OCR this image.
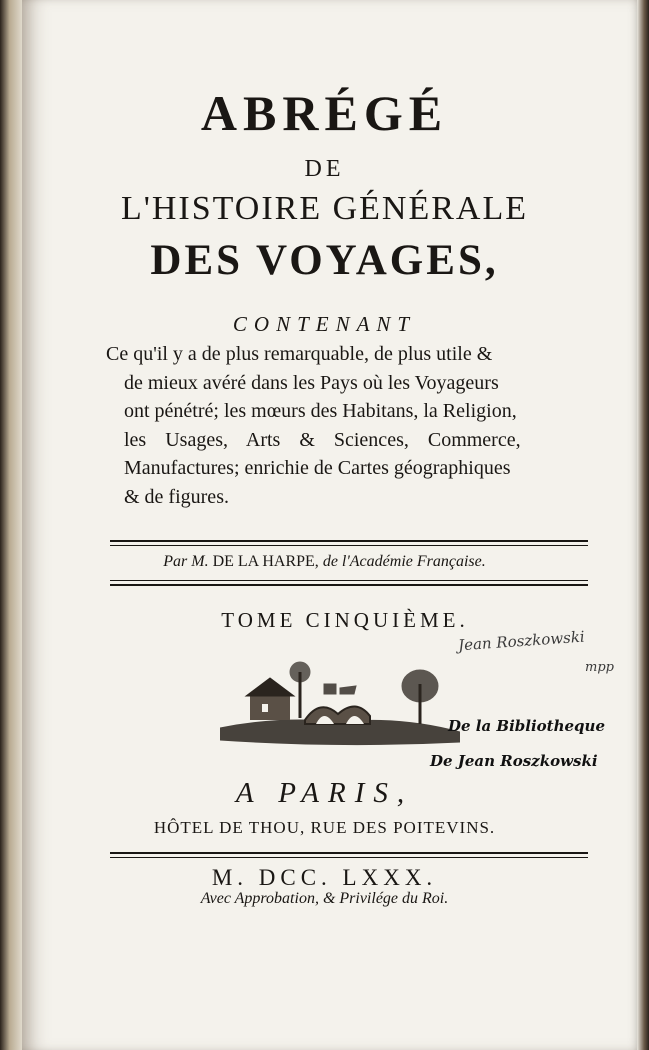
ABRÉGÉ
DE
L'HISTOIRE GÉNÉRALE
DES VOYAGES,
CONTENANT
Ce qu'il y a de plus remarquable, de plus utile &
de mieux avéré dans les Pays où les Voyageurs
ont pénétré; les mœurs des Habitans, la Religion,
les Usages, Arts & Sciences, Commerce,
Manufactures; enrichie de Cartes géographiques
& de figures.
Par M. DE LA HARPE, de l'Académie Française.
TOME CINQUIÈME.
A PARIS,
HÔTEL DE THOU, RUE DES POITEVINS.
M. DCC. LXXX.
Avec Approbation, & Privilége du Roi.
Jean Roszkowski
mpp
De la Bibliotheque
De Jean Roszkowski
